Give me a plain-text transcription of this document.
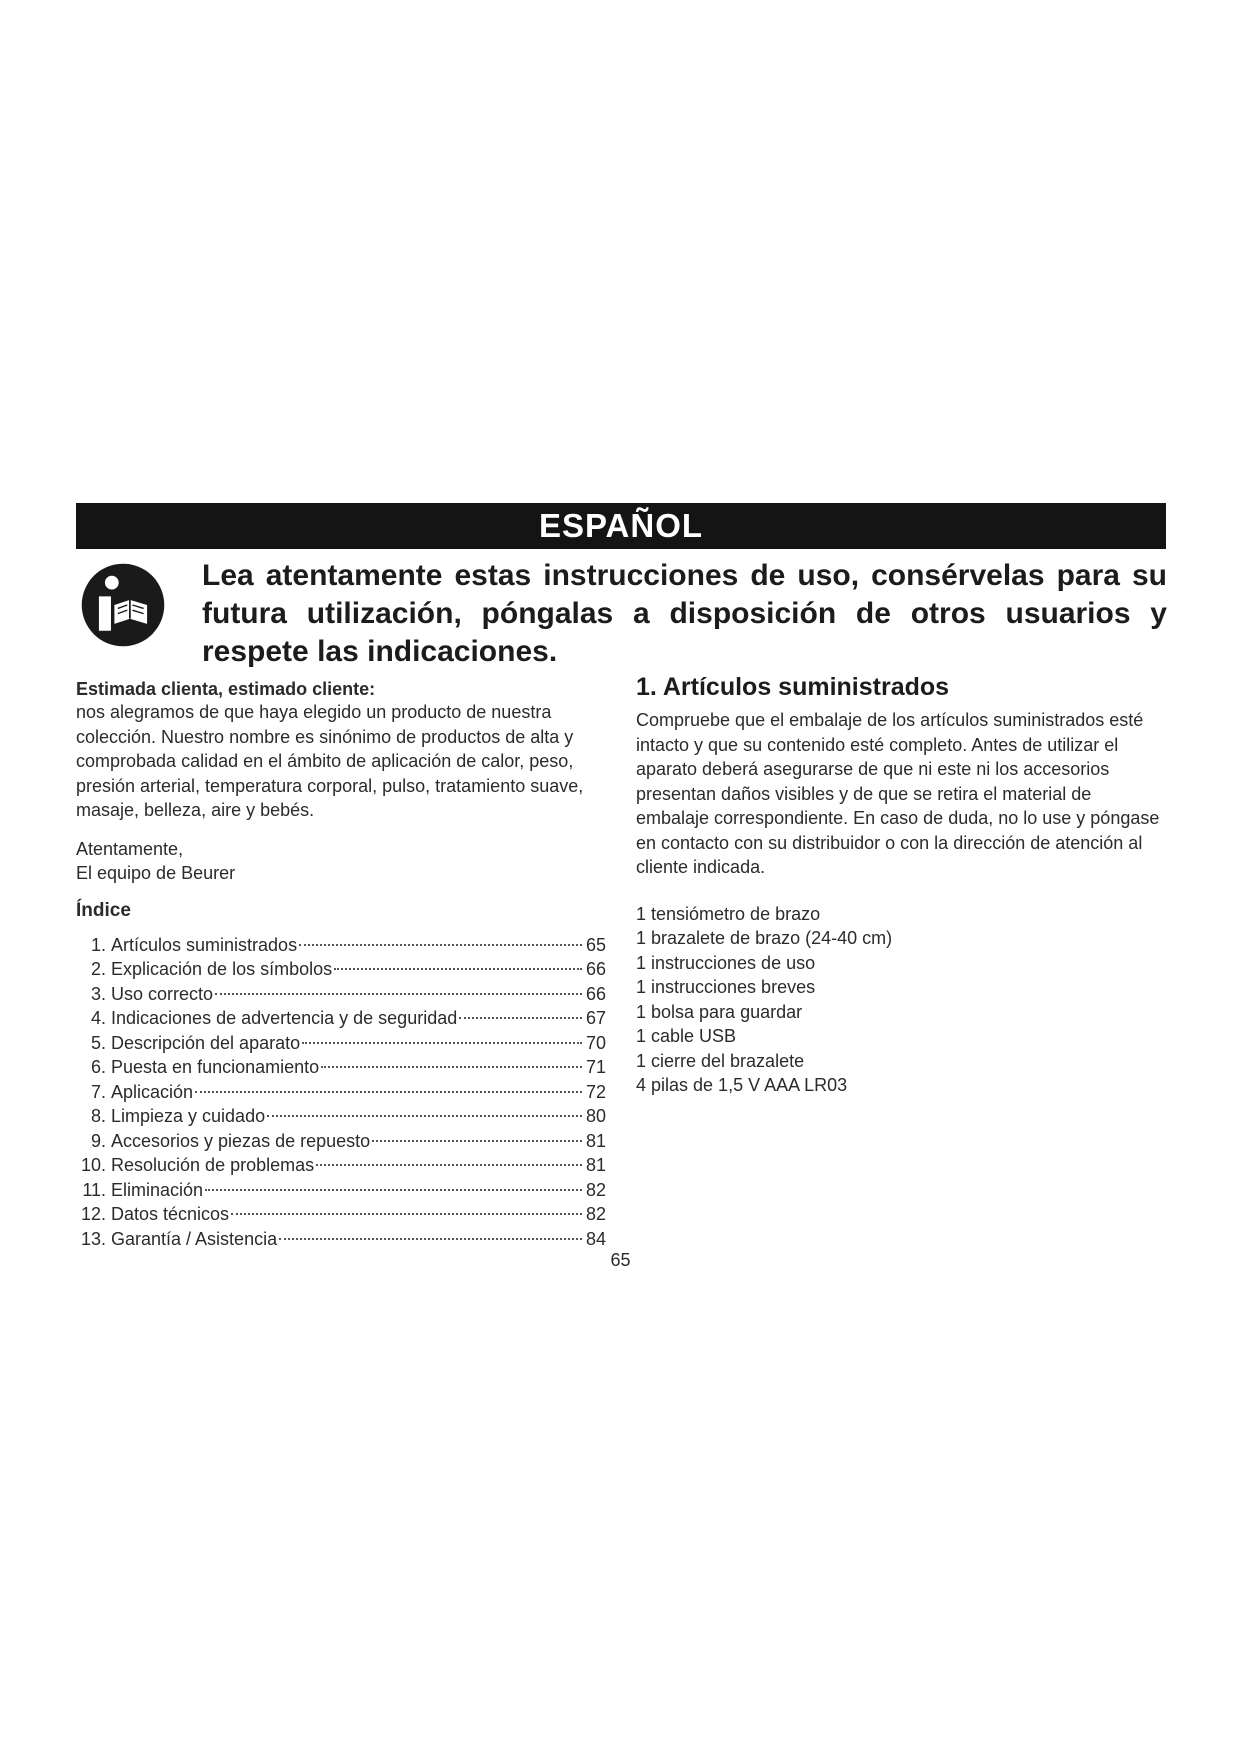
ESPAÑOL
Lea atentamente estas instrucciones de uso, consérvelas para su futura utilización, póngalas a disposición de otros usuarios y respete las indicaciones.

Estimada clienta, estimado cliente:

nos alegramos de que haya elegido un producto de nuestra colección. Nuestro nombre es sinónimo de productos de alta y comprobada calidad en el ámbito de aplicación de calor, peso, presión arterial, temperatura corporal, pulso, tratamiento suave, masaje, belleza, aire y bebés.

Atentamente,

El equipo de Beurer

Índice

1. Artículos suministrados	65
2. Explicación de los símbolos	66
3. Uso correcto	66
4. Indicaciones de advertencia y de seguridad	67
5. Descripción del aparato	70
6. Puesta en funcionamiento	71
7. Aplicación	72
8. Limpieza y cuidado	80
9. Accesorios y piezas de repuesto	81
10. Resolución de problemas	81
11. Eliminación	82
12. Datos técnicos	82
13. Garantía / Asistencia	84

1. Artículos suministrados

Compruebe que el embalaje de los artículos suministrados esté intacto y que su contenido esté completo. Antes de utilizar el aparato deberá asegurarse de que ni este ni los accesorios presentan daños visibles y de que se retira el material de embalaje correspondiente. En caso de duda, no lo use y póngase en contacto con su distribuidor o con la dirección de atención al cliente indicada.

1 tensiómetro de brazo
1 brazalete de brazo (24-40 cm)
1 instrucciones de uso
1 instrucciones breves
1 bolsa para guardar
1 cable USB
1 cierre del brazalete
4 pilas de 1,5 V AAA LR03
65
